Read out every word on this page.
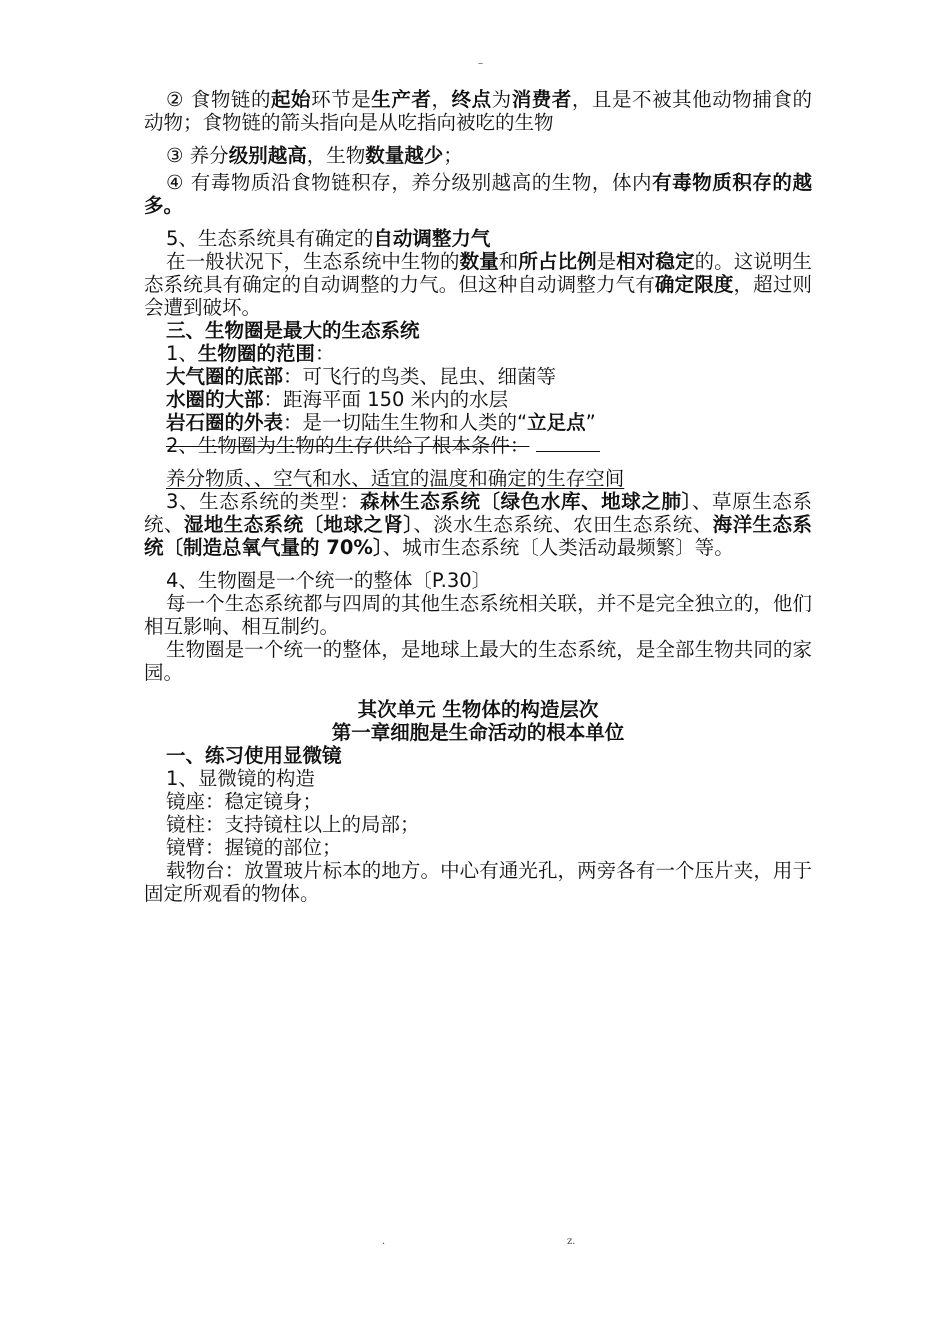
–

② 食物链的起始环节是生产者，终点为消费者，且是不被其他动物捕食的动物；食物链的箭头指向是从吃指向被吃的生物

③ 养分级别越高，生物数量越少；

④ 有毒物质沿食物链积存，养分级别越高的生物，体内有毒物质积存的越多。

5、生态系统具有确定的自动调整力气

在一般状况下，生态系统中生物的数量和所占比例是相对稳定的。这说明生态系统具有确定的自动调整的力气。但这种自动调整力气有确定限度，超过则会遭到破坏。

三、生物圈是最大的生态系统

1、生物圈的范围：

大气圈的底部：可飞行的鸟类、昆虫、细菌等

水圈的大部：距海平面 150 米内的水层

岩石圈的外表：是一切陆生生物和人类的“立足点”

2、生物圈为生物的生存供给了根本条件：

养分物质、、空气和水、适宜的温度和确定的生存空间

3、生态系统的类型：森林生态系统〔绿色水库、地球之肺〕、草原生态系统、湿地生态系统〔地球之肾〕、淡水生态系统、农田生态系统、海洋生态系统〔制造总氧气量的 70%〕、城市生态系统〔人类活动最频繁〕等。

4、生物圈是一个统一的整体〔P.30〕

每一个生态系统都与四周的其他生态系统相关联，并不是完全独立的，他们相互影响、相互制约。

生物圈是一个统一的整体，是地球上最大的生态系统，是全部生物共同的家园。

其次单元 生物体的构造层次

第一章细胞是生命活动的根本单位

一、练习使用显微镜

1、显微镜的构造

镜座：稳定镜身；

镜柱：支持镜柱以上的局部；

镜臂：握镜的部位；

载物台：放置玻片标本的地方。中心有通光孔，两旁各有一个压片夹，用于固定所观看的物体。

.	z.
